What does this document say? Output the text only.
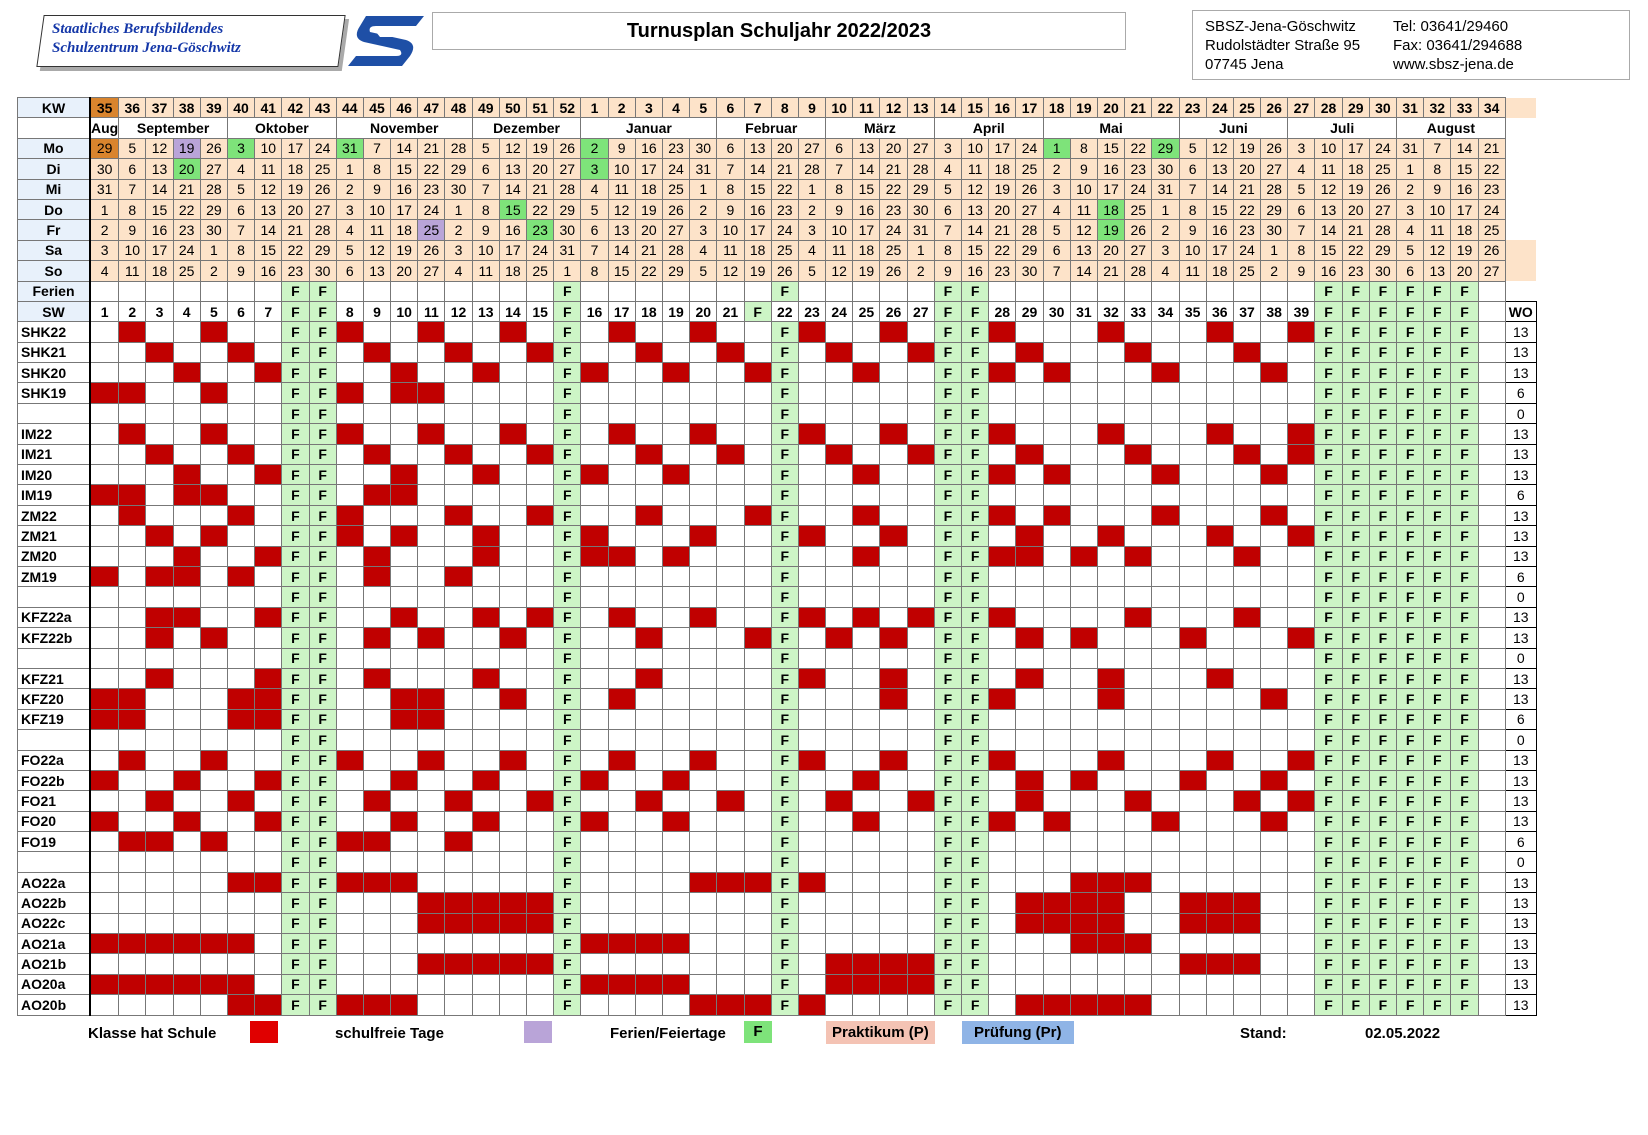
Staatliches Berufsbildendes
Schulzentrum Jena-Göschwitz
Turnusplan Schuljahr 2022/2023	SBSZ-Jena-Göschwitz
Rudolstädter Straße 95
07745 Jena
Tel: 03641/29460
Fax: 03641/294688
www.sbsz-jena.de
KW	35	36	37	38	39	40	41	42	43	44	45	46	47	48	49	50	51	52	1	2	3	4	5	6	7	8	9	10	11	12	13	14	15	16	17	18	19	20	21	22	23	24	25	26	27	28	29	30	31	32	33	34	
	Aug	September				Oktober				November					Dezember				Januar					Februar				März				April				Mai					Juni				Juli				August				
Mo	29	5	12	19	26	3	10	17	24	31	7	14	21	28	5	12	19	26	2	9	16	23	30	6	13	20	27	6	13	20	27	3	10	17	24	1	8	15	22	29	5	12	19	26	3	10	17	24	31	7	14	21	
Di	30	6	13	20	27	4	11	18	25	1	8	15	22	29	6	13	20	27	3	10	17	24	31	7	14	21	28	7	14	21	28	4	11	18	25	2	9	16	23	30	6	13	20	27	4	11	18	25	1	8	15	22	
Mi	31	7	14	21	28	5	12	19	26	2	9	16	23	30	7	14	21	28	4	11	18	25	1	8	15	22	1	8	15	22	29	5	12	19	26	3	10	17	24	31	7	14	21	28	5	12	19	26	2	9	16	23	
Do	1	8	15	22	29	6	13	20	27	3	10	17	24	1	8	15	22	29	5	12	19	26	2	9	16	23	2	9	16	23	30	6	13	20	27	4	11	18	25	1	8	15	22	29	6	13	20	27	3	10	17	24	
Fr	2	9	16	23	30	7	14	21	28	4	11	18	25	2	9	16	23	30	6	13	20	27	3	10	17	24	3	10	17	24	31	7	14	21	28	5	12	19	26	2	9	16	23	30	7	14	21	28	4	11	18	25	
Sa	3	10	17	24	1	8	15	22	29	5	12	19	26	3	10	17	24	31	7	14	21	28	4	11	18	25	4	11	18	25	1	8	15	22	29	6	13	20	27	3	10	17	24	1	8	15	22	29	5	12	19	26	
So	4	11	18	25	2	9	16	23	30	6	13	20	27	4	11	18	25	1	8	15	22	29	5	12	19	26	5	12	19	26	2	9	16	23	30	7	14	21	28	4	11	18	25	2	9	16	23	30	6	13	20	27	
Ferien								F	F									F								F						F	F													F	F	F	F	F	F		
SW	1	2	3	4	5	6	7	F	F	8	9	10	11	12	13	14	15	F	16	17	18	19	20	21	F	22	23	24	25	26	27	F	F	28	29	30	31	32	33	34	35	36	37	38	39	F	F	F	F	F	F		WO
SHK22								F	F									F								F						F	F													F	F	F	F	F	F		13
SHK21								F	F									F								F						F	F													F	F	F	F	F	F		13
SHK20								F	F									F								F						F	F													F	F	F	F	F	F		13
SHK19								F	F									F								F						F	F													F	F	F	F	F	F		6
								F	F									F								F						F	F													F	F	F	F	F	F		0
IM22								F	F									F								F						F	F													F	F	F	F	F	F		13
IM21								F	F									F								F						F	F													F	F	F	F	F	F		13
IM20								F	F									F								F						F	F													F	F	F	F	F	F		13
IM19								F	F									F								F						F	F													F	F	F	F	F	F		6
ZM22								F	F									F								F						F	F													F	F	F	F	F	F		13
ZM21								F	F									F								F						F	F													F	F	F	F	F	F		13
ZM20								F	F									F								F						F	F													F	F	F	F	F	F		13
ZM19								F	F									F								F						F	F													F	F	F	F	F	F		6
								F	F									F								F						F	F													F	F	F	F	F	F		0
KFZ22a								F	F									F								F						F	F													F	F	F	F	F	F		13
KFZ22b								F	F									F								F						F	F													F	F	F	F	F	F		13
								F	F									F								F						F	F													F	F	F	F	F	F		0
KFZ21								F	F									F								F						F	F													F	F	F	F	F	F		13
KFZ20								F	F									F								F						F	F													F	F	F	F	F	F		13
KFZ19								F	F									F								F						F	F													F	F	F	F	F	F		6
								F	F									F								F						F	F													F	F	F	F	F	F		0
FO22a								F	F									F								F						F	F													F	F	F	F	F	F		13
FO22b								F	F									F								F						F	F													F	F	F	F	F	F		13
FO21								F	F									F								F						F	F													F	F	F	F	F	F		13
FO20								F	F									F								F						F	F													F	F	F	F	F	F		13
FO19								F	F									F								F						F	F													F	F	F	F	F	F		6
								F	F									F								F						F	F													F	F	F	F	F	F		0
AO22a								F	F									F								F						F	F													F	F	F	F	F	F		13
AO22b								F	F									F								F						F	F													F	F	F	F	F	F		13
AO22c								F	F									F								F						F	F													F	F	F	F	F	F		13
AO21a								F	F									F								F						F	F													F	F	F	F	F	F		13
AO21b								F	F									F								F						F	F													F	F	F	F	F	F		13
AO20a								F	F									F								F						F	F													F	F	F	F	F	F		13
AO20b								F	F									F								F						F	F													F	F	F	F	F	F		13
Klasse hat Schule	schulfreie Tage	Ferien/Feiertage	F	Praktikum (P)	Prüfung (Pr)	Stand:	02.05.2022
